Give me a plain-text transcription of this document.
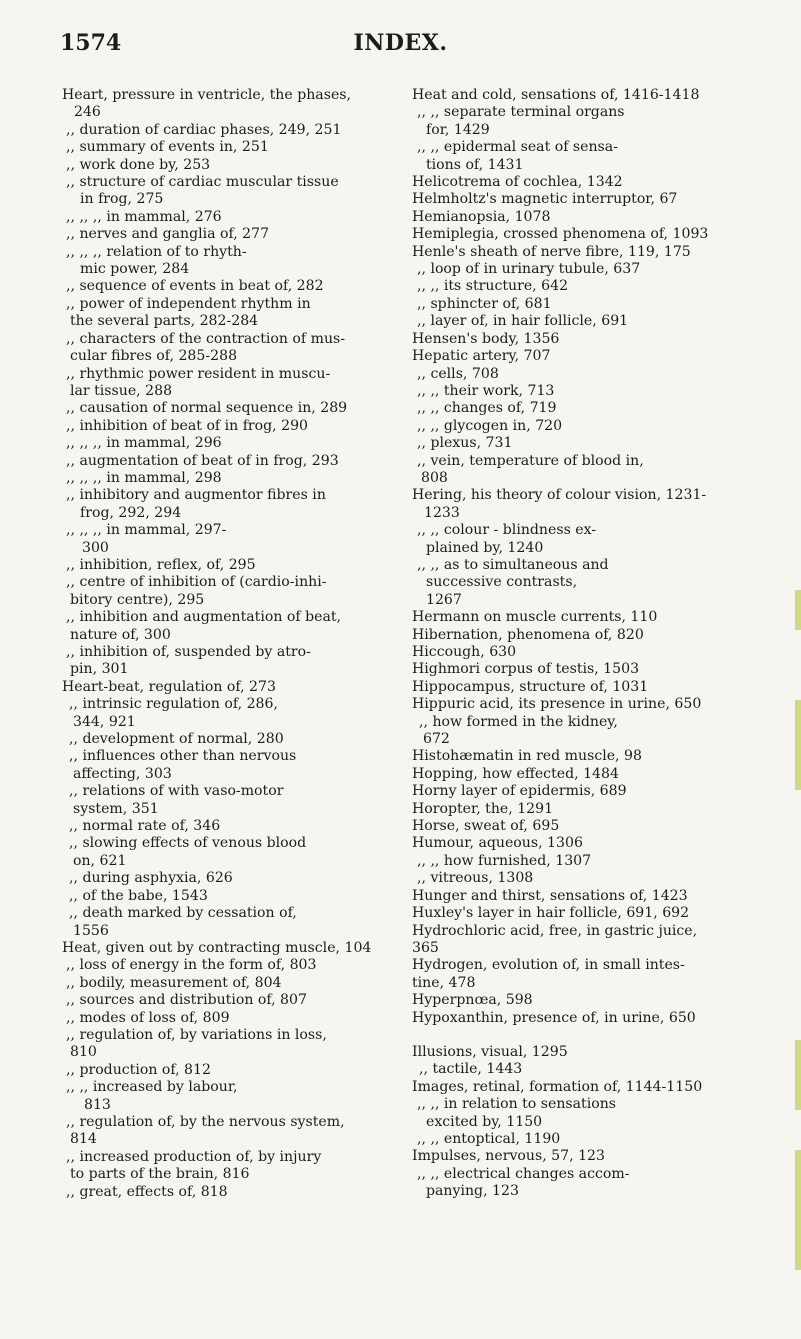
1574	INDEX.
Heart, pressure in ventricle, the phases,
246
,, duration of cardiac phases, 249, 251
,, summary of events in, 251
,, work done by, 253
,, structure of cardiac muscular tissue
in frog, 275
,, ,, ,, in mammal, 276
,, nerves and ganglia of, 277
,, ,, ,, relation of to rhyth-
mic power, 284
,, sequence of events in beat of, 282
,, power of independent rhythm in
the several parts, 282-284
,, characters of the contraction of mus-
cular fibres of, 285-288
,, rhythmic power resident in muscu-
lar tissue, 288
,, causation of normal sequence in, 289
,, inhibition of beat of in frog, 290
,, ,, ,, in mammal, 296
,, augmentation of beat of in frog, 293
,, ,, ,, in mammal, 298
,, inhibitory and augmentor fibres in
frog, 292, 294
,, ,, ,, in mammal, 297-
300
,, inhibition, reflex, of, 295
,, centre of inhibition of (cardio-inhi-
bitory centre), 295
,, inhibition and augmentation of beat,
nature of, 300
,, inhibition of, suspended by atro-
pin, 301
Heart-beat, regulation of, 273
,, intrinsic regulation of, 286,
344, 921
,, development of normal, 280
,, influences other than nervous
affecting, 303
,, relations of with vaso-motor
system, 351
,, normal rate of, 346
,, slowing effects of venous blood
on, 621
,, during asphyxia, 626
,, of the babe, 1543
,, death marked by cessation of,
1556
Heat, given out by contracting muscle, 104
,, loss of energy in the form of, 803
,, bodily, measurement of, 804
,, sources and distribution of, 807
,, modes of loss of, 809
,, regulation of, by variations in loss,
810
,, production of, 812
,, ,, increased by labour,
813
,, regulation of, by the nervous system,
814
,, increased production of, by injury
to parts of the brain, 816
,, great, effects of, 818
Heat and cold, sensations of, 1416-1418
,, ,, separate terminal organs
for, 1429
,, ,, epidermal seat of sensa-
tions of, 1431
Helicotrema of cochlea, 1342
Helmholtz's magnetic interruptor, 67
Hemianopsia, 1078
Hemiplegia, crossed phenomena of, 1093
Henle's sheath of nerve fibre, 119, 175
,, loop of in urinary tubule, 637
,, ,, its structure, 642
,, sphincter of, 681
,, layer of, in hair follicle, 691
Hensen's body, 1356
Hepatic artery, 707
,, cells, 708
,, ,, their work, 713
,, ,, changes of, 719
,, ,, glycogen in, 720
,, plexus, 731
,, vein, temperature of blood in,
808
Hering, his theory of colour vision, 1231-
1233
,, ,, colour - blindness ex-
plained by, 1240
,, ,, as to simultaneous and
successive contrasts,
1267
Hermann on muscle currents, 110
Hibernation, phenomena of, 820
Hiccough, 630
Highmori corpus of testis, 1503
Hippocampus, structure of, 1031
Hippuric acid, its presence in urine, 650
,, how formed in the kidney,
672
Histohæmatin in red muscle, 98
Hopping, how effected, 1484
Horny layer of epidermis, 689
Horopter, the, 1291
Horse, sweat of, 695
Humour, aqueous, 1306
,, ,, how furnished, 1307
,, vitreous, 1308
Hunger and thirst, sensations of, 1423
Huxley's layer in hair follicle, 691, 692
Hydrochloric acid, free, in gastric juice,
365
Hydrogen, evolution of, in small intes-
tine, 478
Hyperpnœa, 598
Hypoxanthin, presence of, in urine, 650
Illusions, visual, 1295
,, tactile, 1443
Images, retinal, formation of, 1144-1150
,, ,, in relation to sensations
excited by, 1150
,, ,, entoptical, 1190
Impulses, nervous, 57, 123
,, ,, electrical changes accom-
panying, 123
